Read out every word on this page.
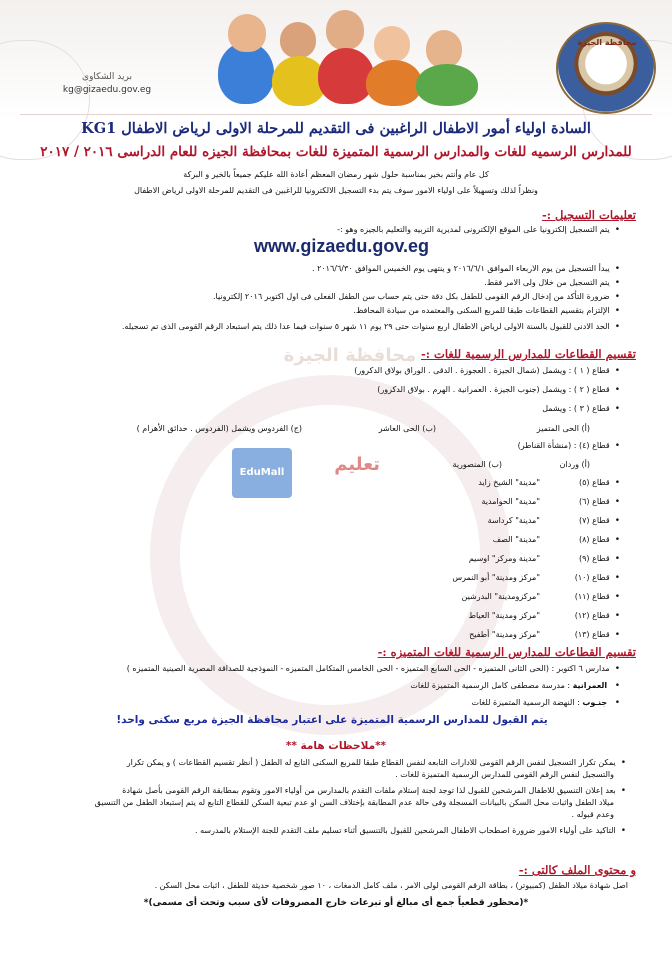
محافظة الجيزة
EduMall	تعليم
محافظة الجيزة
بريد الشكاوى
kg@gizaedu.gov.eg
السادة اولياء أمور الاطفال الراغبين فى التقديم للمرحلة الاولى لرياض الاطفال KG1
للمدارس الرسميه للغات والمدارس الرسمية المتميزة للغات بمحافظة الجيزه للعام الدراسى ٢٠١٦ / ٢٠١٧
كل عام وأنتم بخير بمناسبة حلول شهر رمضان المعظم أعادة الله عليكم جميعاً بالخير و البركة
ونظراً لذلك وتسهيلاً على اولياء الامور سوف يتم بدء التسجيل الالكترونيا للراغبين فى التقديم للمرحلة الاولى لرياض الاطفال
تعليمات التسجيل :-
• يتم التسجيل إلكترونيا على الموقع الإلكترونى لمديرية التربيه والتعليم بالجيزه وهو :-
www.gizaedu.gov.eg
• يبدأ التسجيل من يوم الاربعاء الموافق ٢٠١٦/٦/١ و ينتهى يوم الخميس الموافق ٢٠١٦/٦/٣٠ .
• يتم التسجيل من خلال ولى الامر فقط.
• ضرورة التأكد من إدخال الرقم القومى للطفل بكل دقة حتى يتم حساب سن الطفل الفعلى فى اول اكتوبر ٢٠١٦ إلكترونيا.
• الإلتزام بتقسيم القطاعات طبقا للمربع السكنى والمعتمده من سيادة المحافظ.
• الحد الادنى للقبول بالسنة الاولى لرياض الاطفال اربع سنوات حتى ٢٩ يوم ١١ شهر ٥ سنوات فيما عدا ذلك يتم استبعاد الرقم القومى الذى تم تسجيله.
تقسيم القطاعات للمدارس الرسمية للغات :-
• قطاع ( ١ ) : ويشمل (شمال الجيزة . العجوزة . الدقى . الوراق بولاق الدكرور)
• قطاع ( ٢ ) : ويشمل (جنوب الجيزة . العمرانية . الهرم . بولاق الدكرور)
• قطاع ( ٣ ) : ويشمل
(أ) الحى المتميز
(ب) الحى العاشر
(ج) الفردوس ويشمل (الفردوس . حدائق الأهرام )
• قطاع (٤) : (منشأة القناطر)
(أ) وردان
(ب) المنصورية
• قطاع (٥)
"مدينة" الشيخ زايد
• قطاع (٦)
"مدينة" الحوامدية
• قطاع (٧)
"مدينة" كرداسة
• قطاع (٨)
"مدينة" الصف
• قطاع (٩)
"مدينة ومركز" اوسيم
• قطاع (١٠)
"مركز ومدينة" أبو النمرس
• قطاع (١١)
"مركزومدينة" البدرشين
• قطاع (١٢)
"مركز ومدينة" العياط
• قطاع (١٣)
"مركز ومدينة" أطفيح
تقسيم القطاعات للمدارس الرسمية للغات المتميزه :-
• مدارس ٦ اكتوبر : (الحى الثانى المتميزه - الحى السابع المتميزه - الحى الخامس المتكامل المتميزه - النموذجية للصداقة المصرية الصينية المتميزه )
• العمرانية : مدرسة مصطفى كامل الرسمية المتميزة للغات
• جنـوب : النهضة الرسمية المتميزة للغات
يتم القبول للمدارس الرسمية المتميزة على اعتبار محافظة الجيزة مربع سكنى واحد!
**ملاحظات هامة **
• يمكن تكرار التسجيل لنفس الرقم القومى للادارات التابعه لنفس القطاع طبقا للمربع السكنى التابع له الطفل ( أنظر تقسيم القطاعات ) و يمكن تكرار
والتسجيل لنفس الرقم القومى للمدارس الرسمية المتميزة للغات .
• بعد إعلان التنسيق للاطفال المرشحين للقبول لذا توجد لجنة إستلام ملفات التقدم بالمدارس من أولياء الامور وتقوم بمطابقة الرقم القومى بأصل شهادة
ميلاد الطفل واثبات محل السكن بالبيانات المسجلة وفى حالة عدم المطابقة بإختلاف السن او عدم تبعية السكن للقطاع التابع له يتم إستبعاد الطفل من التنسيق
وعدم قبوله .
• التاكيد على أولياء الامور ضرورة اصطحاب الاطفال المرشحين للقبول بالتنسيق أثناء تسليم ملف التقدم للجنة الإستلام بالمدرسه .
و محتوى الملف كالتى :-
اصل شهادة ميلاد الطفل (كمبيوتر) ، بطاقة الرقم القومى لولى الامر ، ملف كامل الدمغات ، ١٠ صور شخصية حديثة للطفل ، اثبات محل السكن .
*(محظور قطعياً جمع أى مبالغ أو تبرعات خارج المصروفات لأى سبب وتحت أى مسمى)*
